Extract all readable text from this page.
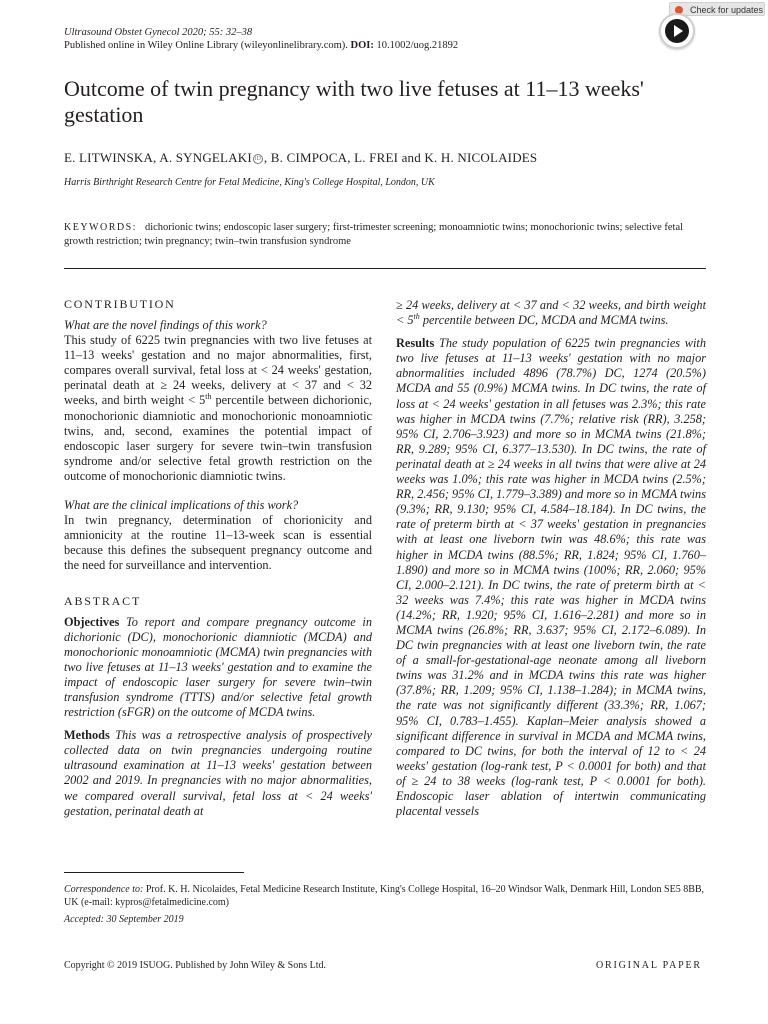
Ultrasound Obstet Gynecol 2020; 55: 32–38
Published online in Wiley Online Library (wileyonlinelibrary.com). DOI: 10.1002/uog.21892
Check for updates
Outcome of twin pregnancy with two live fetuses at 11–13 weeks' gestation
E. LITWINSKA, A. SYNGELAKI iD , B. CIMPOCA, L. FREI and K. H. NICOLAIDES
Harris Birthright Research Centre for Fetal Medicine, King's College Hospital, London, UK
KEYWORDS: dichorionic twins; endoscopic laser surgery; first-trimester screening; monoamniotic twins; monochorionic twins; selective fetal growth restriction; twin pregnancy; twin–twin transfusion syndrome
CONTRIBUTION

What are the novel findings of this work?

This study of 6225 twin pregnancies with two live fetuses at 11–13 weeks' gestation and no major abnormalities, first, compares overall survival, fetal loss at < 24 weeks' gestation, perinatal death at ≥ 24 weeks, delivery at < 37 and < 32 weeks, and birth weight < 5th percentile between dichorionic, monochorionic diamniotic and monochorionic monoamniotic twins, and, second, examines the potential impact of endoscopic laser surgery for severe twin–twin transfusion syndrome and/or selective fetal growth restriction on the outcome of monochorionic diamniotic twins.

What are the clinical implications of this work?

In twin pregnancy, determination of chorionicity and amnionicity at the routine 11–13-week scan is essential because this defines the subsequent pregnancy outcome and the need for surveillance and intervention.

ABSTRACT

Objectives To report and compare pregnancy outcome in dichorionic (DC), monochorionic diamniotic (MCDA) and monochorionic monoamniotic (MCMA) twin pregnancies with two live fetuses at 11–13 weeks' gestation and to examine the impact of endoscopic laser surgery for severe twin–twin transfusion syndrome (TTTS) and/or selective fetal growth restriction (sFGR) on the outcome of MCDA twins.

Methods This was a retrospective analysis of prospectively collected data on twin pregnancies undergoing routine ultrasound examination at 11–13 weeks' gestation between 2002 and 2019. In pregnancies with no major abnormalities, we compared overall survival, fetal loss at < 24 weeks' gestation, perinatal death at

≥ 24 weeks, delivery at < 37 and < 32 weeks, and birth weight < 5th percentile between DC, MCDA and MCMA twins.

Results The study population of 6225 twin pregnancies with two live fetuses at 11–13 weeks' gestation with no major abnormalities included 4896 (78.7%) DC, 1274 (20.5%) MCDA and 55 (0.9%) MCMA twins. In DC twins, the rate of loss at < 24 weeks' gestation in all fetuses was 2.3%; this rate was higher in MCDA twins (7.7%; relative risk (RR), 3.258; 95% CI, 2.706–3.923) and more so in MCMA twins (21.8%; RR, 9.289; 95% CI, 6.377–13.530). In DC twins, the rate of perinatal death at ≥ 24 weeks in all twins that were alive at 24 weeks was 1.0%; this rate was higher in MCDA twins (2.5%; RR, 2.456; 95% CI, 1.779–3.389) and more so in MCMA twins (9.3%; RR, 9.130; 95% CI, 4.584–18.184). In DC twins, the rate of preterm birth at < 37 weeks' gestation in pregnancies with at least one liveborn twin was 48.6%; this rate was higher in MCDA twins (88.5%; RR, 1.824; 95% CI, 1.760–1.890) and more so in MCMA twins (100%; RR, 2.060; 95% CI, 2.000–2.121). In DC twins, the rate of preterm birth at < 32 weeks was 7.4%; this rate was higher in MCDA twins (14.2%; RR, 1.920; 95% CI, 1.616–2.281) and more so in MCMA twins (26.8%; RR, 3.637; 95% CI, 2.172–6.089). In DC twin pregnancies with at least one liveborn twin, the rate of a small-for-gestational-age neonate among all liveborn twins was 31.2% and in MCDA twins this rate was higher (37.8%; RR, 1.209; 95% CI, 1.138–1.284); in MCMA twins, the rate was not significantly different (33.3%; RR, 1.067; 95% CI, 0.783–1.455). Kaplan–Meier analysis showed a significant difference in survival in MCDA and MCMA twins, compared to DC twins, for both the interval of 12 to < 24 weeks' gestation (log-rank test, P < 0.0001 for both) and that of ≥ 24 to 38 weeks (log-rank test, P < 0.0001 for both). Endoscopic laser ablation of intertwin communicating placental vessels

Correspondence to: Prof. K. H. Nicolaides, Fetal Medicine Research Institute, King's College Hospital, 16–20 Windsor Walk, Denmark Hill, London SE5 8BB, UK (e-mail: kypros@fetalmedicine.com)
Accepted: 30 September 2019
Copyright © 2019 ISUOG. Published by John Wiley & Sons Ltd.	ORIGINAL PAPER
